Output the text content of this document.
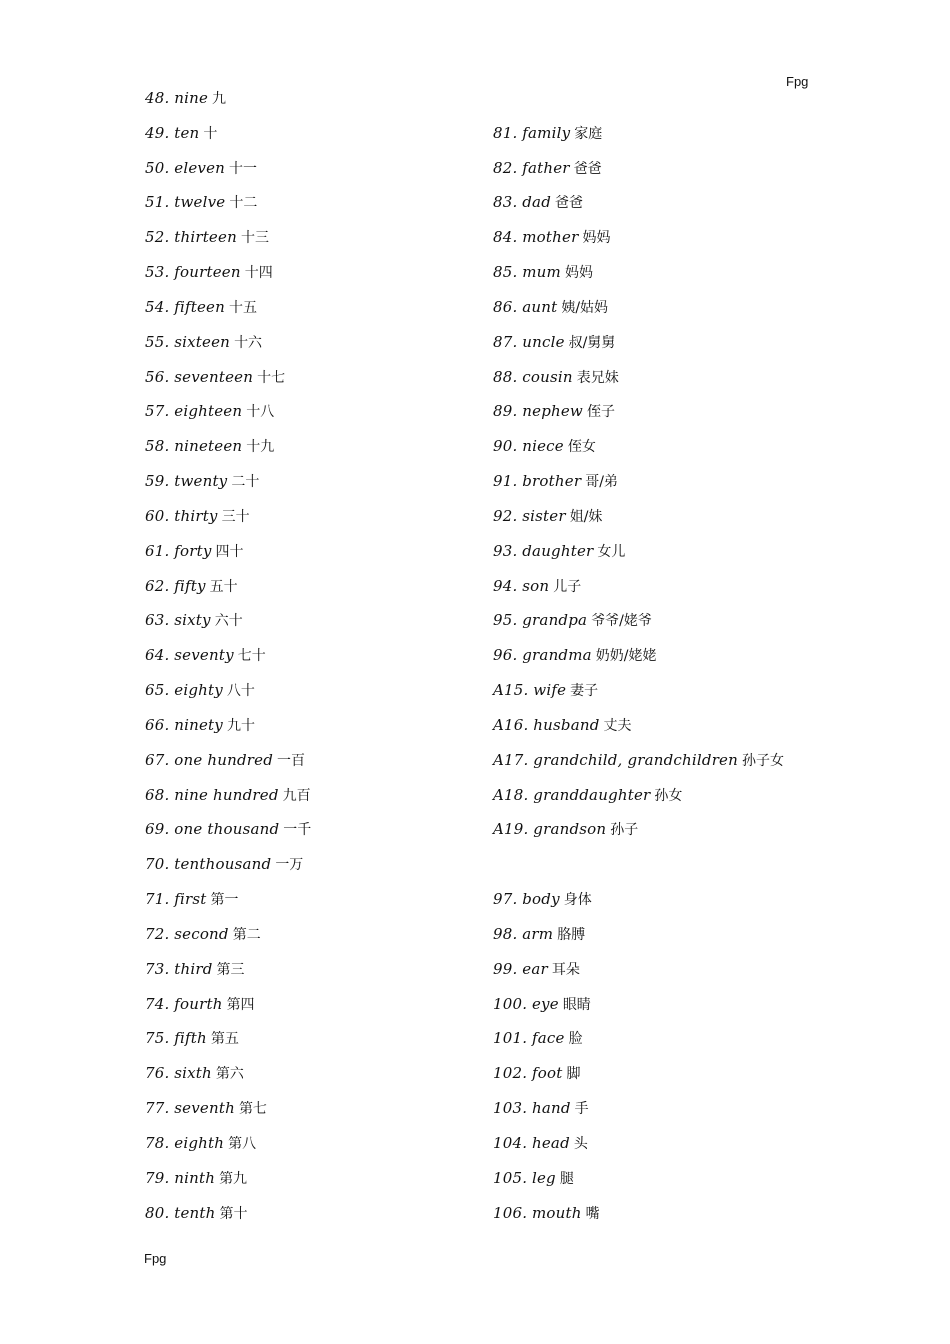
Fpg
48. nine 九
49. ten 十
50. eleven 十一
51. twelve 十二
52. thirteen 十三
53. fourteen 十四
54. fifteen 十五
55. sixteen 十六
56. seventeen 十七
57. eighteen 十八
58. nineteen 十九
59. twenty 二十
60. thirty 三十
61. forty 四十
62. fifty 五十
63. sixty 六十
64. seventy 七十
65. eighty 八十
66. ninety 九十
67. one hundred 一百
68. nine hundred 九百
69. one thousand 一千
70. tenthousand 一万
71. first 第一
72. second 第二
73. third 第三
74. fourth 第四
75. fifth 第五
76. sixth 第六
77. seventh 第七
78. eighth 第八
79. ninth 第九
80. tenth 第十
81. family 家庭
82. father 爸爸
83. dad 爸爸
84. mother 妈妈
85. mum 妈妈
86. aunt 姨/姑妈
87. uncle 叔/舅舅
88. cousin 表兄妹
89. nephew 侄子
90. niece 侄女
91. brother 哥/弟
92. sister 姐/妹
93. daughter 女儿
94. son 儿子
95. grandpa 爷爷/姥爷
96. grandma 奶奶/姥姥
A15. wife 妻子
A16. husband 丈夫
A17. grandchild, grandchildren 孙子女
A18. granddaughter 孙女
A19. grandson 孙子
97. body 身体
98. arm 胳膊
99. ear 耳朵
100. eye 眼睛
101. face 脸
102. foot 脚
103. hand 手
104. head 头
105. leg 腿
106. mouth 嘴
Fpg
